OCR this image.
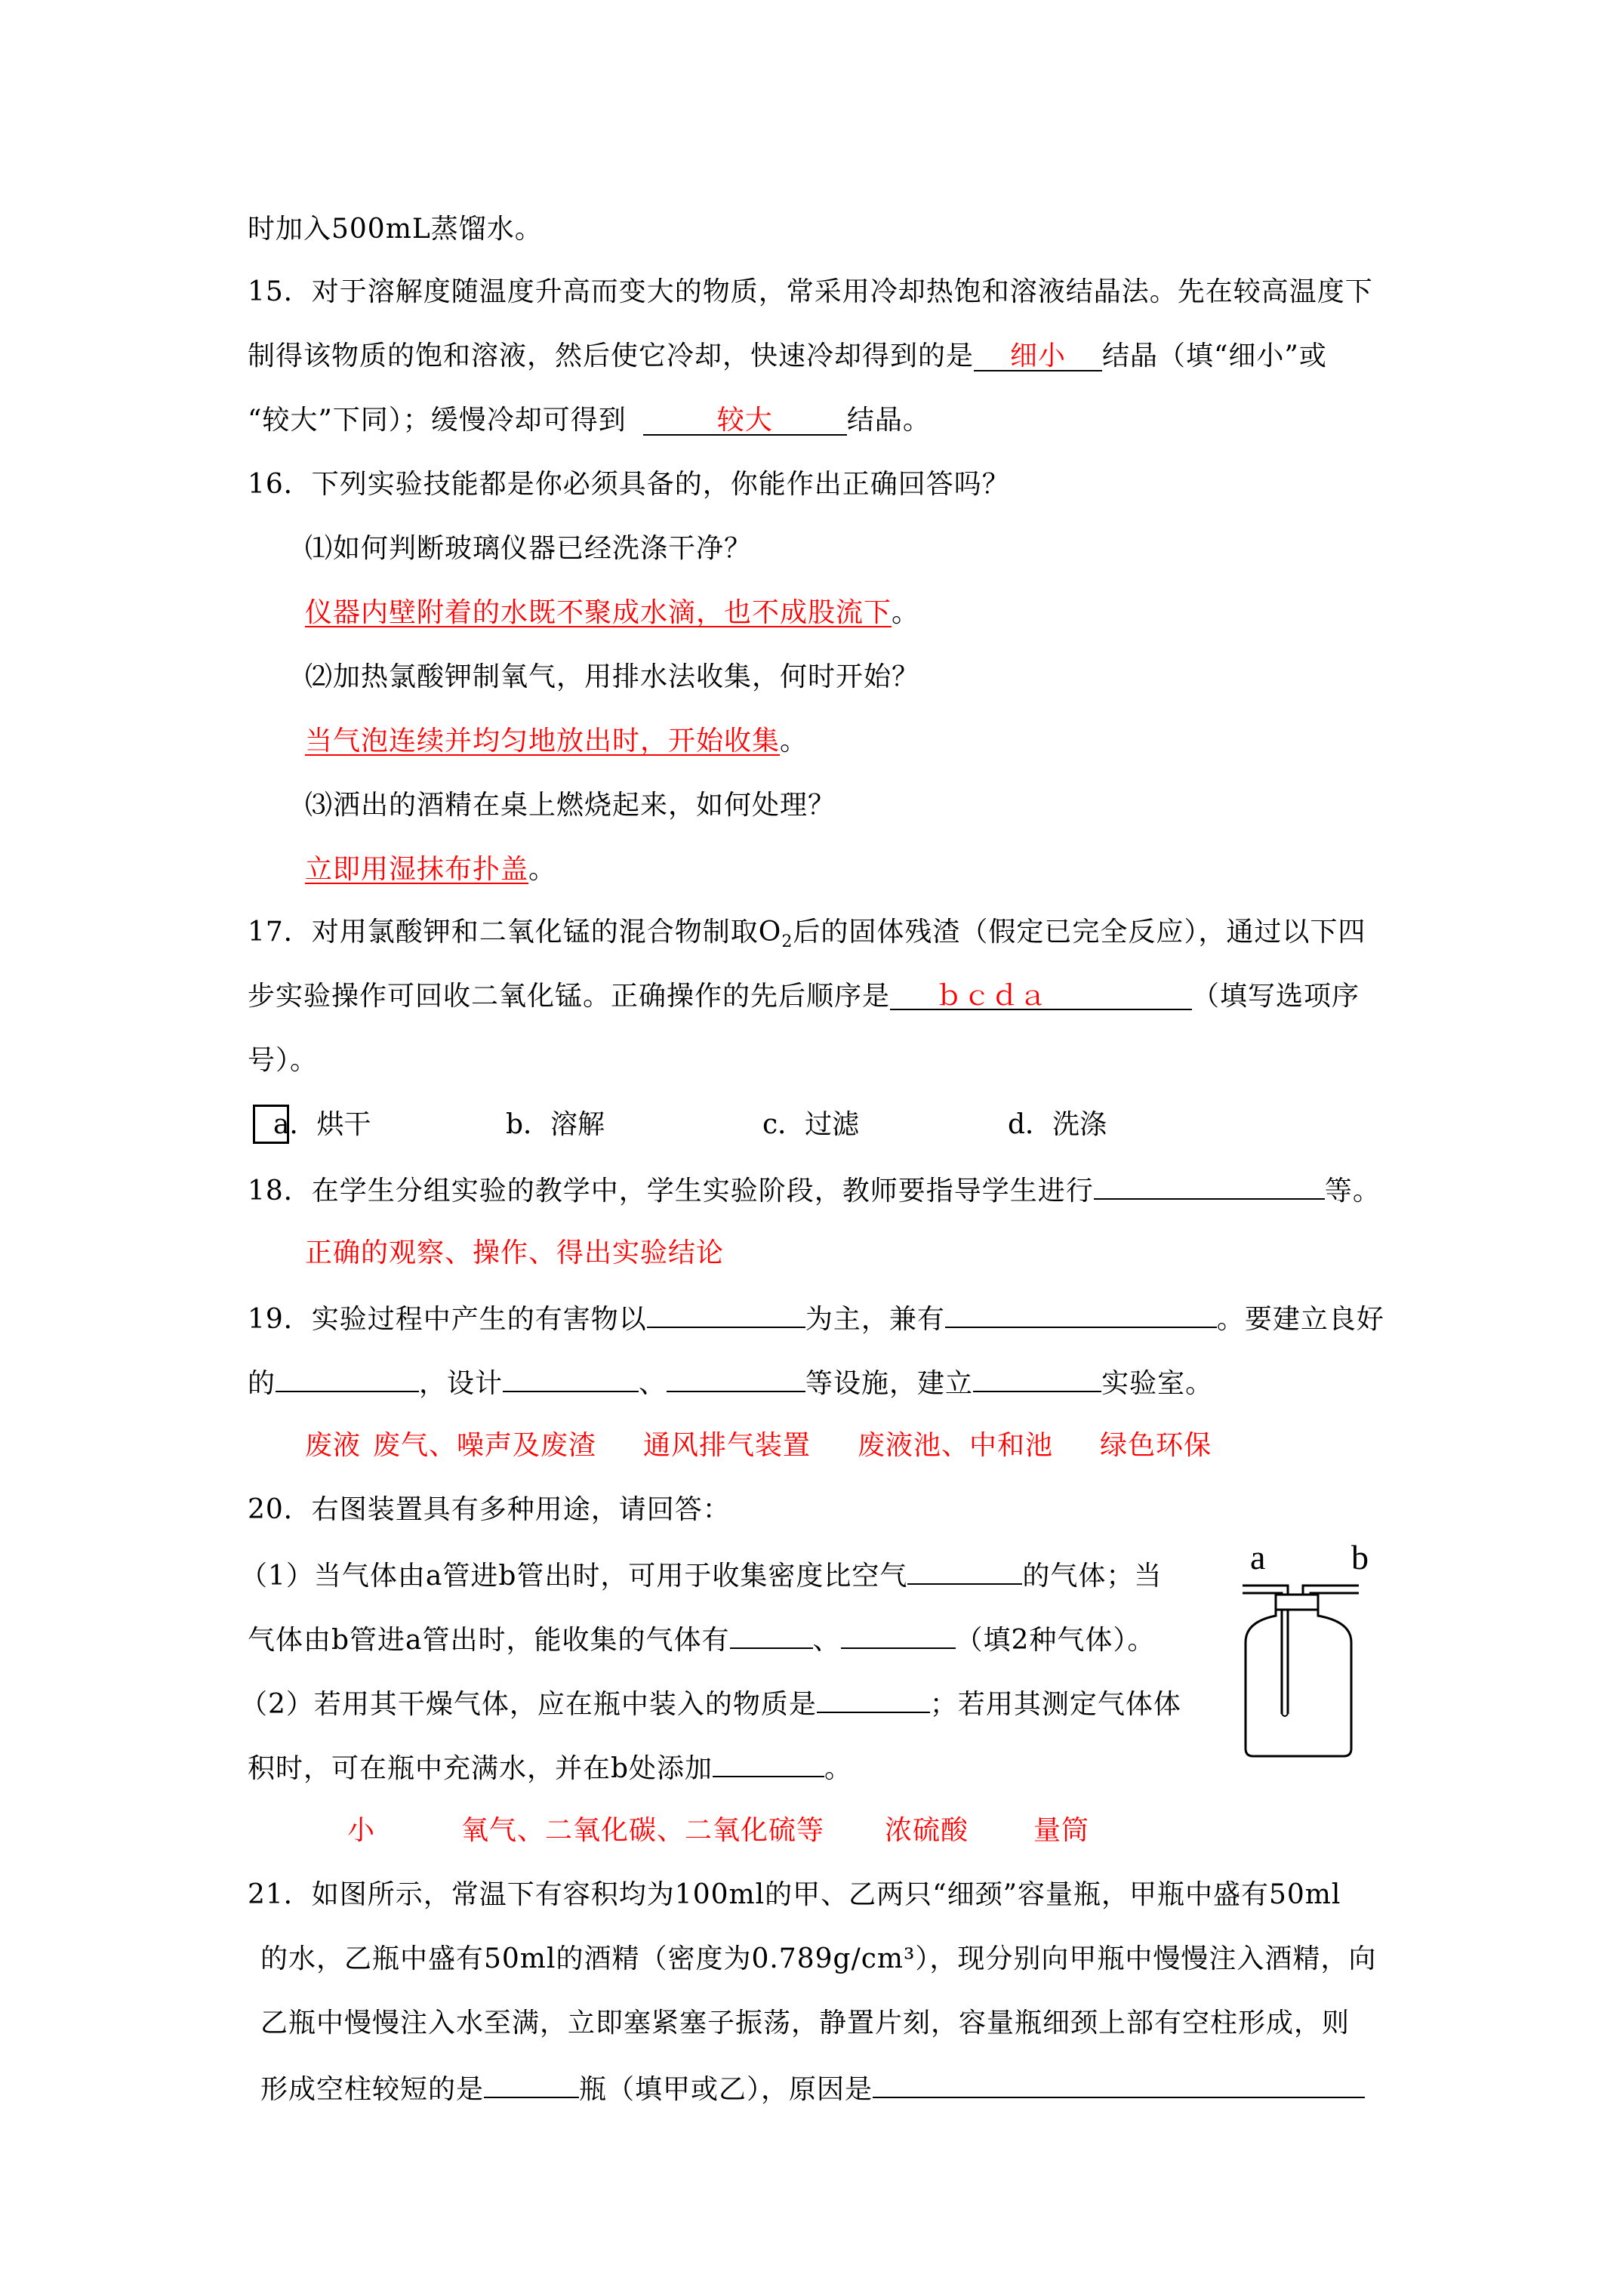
时加入500mL蒸馏水。
15．对于溶解度随温度升高而变大的物质，常采用冷却热饱和溶液结晶法。先在较高温度下
制得该物质的饱和溶液，然后使它冷却，快速冷却得到的是 细小 结晶（填“细小”或
“较大”下同）；缓慢冷却可得到	较大	结晶。
16．下列实验技能都是你必须具备的，你能作出正确回答吗？
⑴如何判断玻璃仪器已经洗涤干净？
仪器内壁附着的水既不聚成水滴，也不成股流下。
⑵加热氯酸钾制氧气，用排水法收集，何时开始？
当气泡连续并均匀地放出时，开始收集。
⑶洒出的酒精在桌上燃烧起来，如何处理？
立即用湿抹布扑盖。
17．对用氯酸钾和二氧化锰的混合物制取$O_2$后的固体残渣（假定已完全反应），通过以下四
步实验操作可回收二氧化锰。正确操作的先后顺序是 ｂｃｄａ	（填写选项序
号）。
a．烘干	b．溶解	c．过滤	d．洗涤
18．在学生分组实验的教学中，学生实验阶段，教师要指导学生进行	等。
正确的观察、操作、得出实验结论
19．实验过程中产生的有害物以	为主，兼有	。要建立良好
的	，设计	、	等设施，建立	实验室。
废液 废气、噪声及废渣 通风排气装置 废液池、中和池 绿色环保
20．右图装置具有多种用途，请回答：
（1）当气体由a管进b管出时，可用于收集密度比空气	的气体；当
气体由b管进a管出时，能收集的气体有	、	（填2种气体）。
（2）若用其干燥气体，应在瓶中装入的物质是	；若用其测定气体体
积时，可在瓶中充满水，并在b处添加	。
小	氧气、二氧化碳、二氧化硫等 浓硫酸 量筒
a b
21．如图所示，常温下有容积均为100ml的甲、乙两只“细颈”容量瓶，甲瓶中盛有50ml
的水，乙瓶中盛有50ml的酒精（密度为0.789g/cm³），现分别向甲瓶中慢慢注入酒精，向
乙瓶中慢慢注入水至满，立即塞紧塞子振荡，静置片刻，容量瓶细颈上部有空柱形成，则
形成空柱较短的是	瓶（填甲或乙），原因是
